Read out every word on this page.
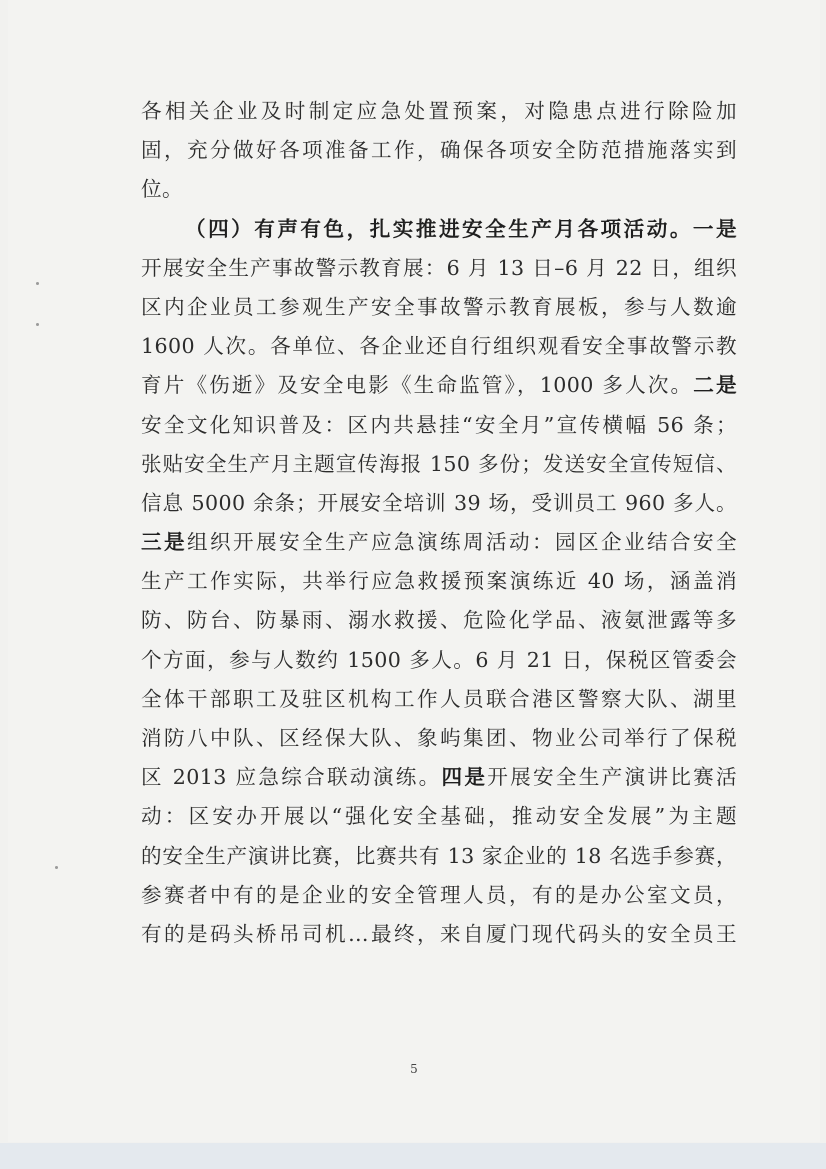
各相关企业及时制定应急处置预案，对隐患点进行除险加
固，充分做好各项准备工作，确保各项安全防范措施落实到
位。
（四）有声有色，扎实推进安全生产月各项活动。一是
开展安全生产事故警示教育展：6 月 13 日–6 月 22 日，组织
区内企业员工参观生产安全事故警示教育展板，参与人数逾
1600 人次。各单位、各企业还自行组织观看安全事故警示教
育片《伤逝》及安全电影《生命监管》，1000 多人次。二是
安全文化知识普及：区内共悬挂“安全月”宣传横幅 56 条；
张贴安全生产月主题宣传海报 150 多份；发送安全宣传短信、
信息 5000 余条；开展安全培训 39 场，受训员工 960 多人。
三是组织开展安全生产应急演练周活动：园区企业结合安全
生产工作实际，共举行应急救援预案演练近 40 场，涵盖消
防、防台、防暴雨、溺水救援、危险化学品、液氨泄露等多
个方面，参与人数约 1500 多人。6 月 21 日，保税区管委会
全体干部职工及驻区机构工作人员联合港区警察大队、湖里
消防八中队、区经保大队、象屿集团、物业公司举行了保税
区 2013 应急综合联动演练。四是开展安全生产演讲比赛活
动：区安办开展以“强化安全基础，推动安全发展”为主题
的安全生产演讲比赛，比赛共有 13 家企业的 18 名选手参赛，
参赛者中有的是企业的安全管理人员，有的是办公室文员，
有的是码头桥吊司机…最终，来自厦门现代码头的安全员王
5
